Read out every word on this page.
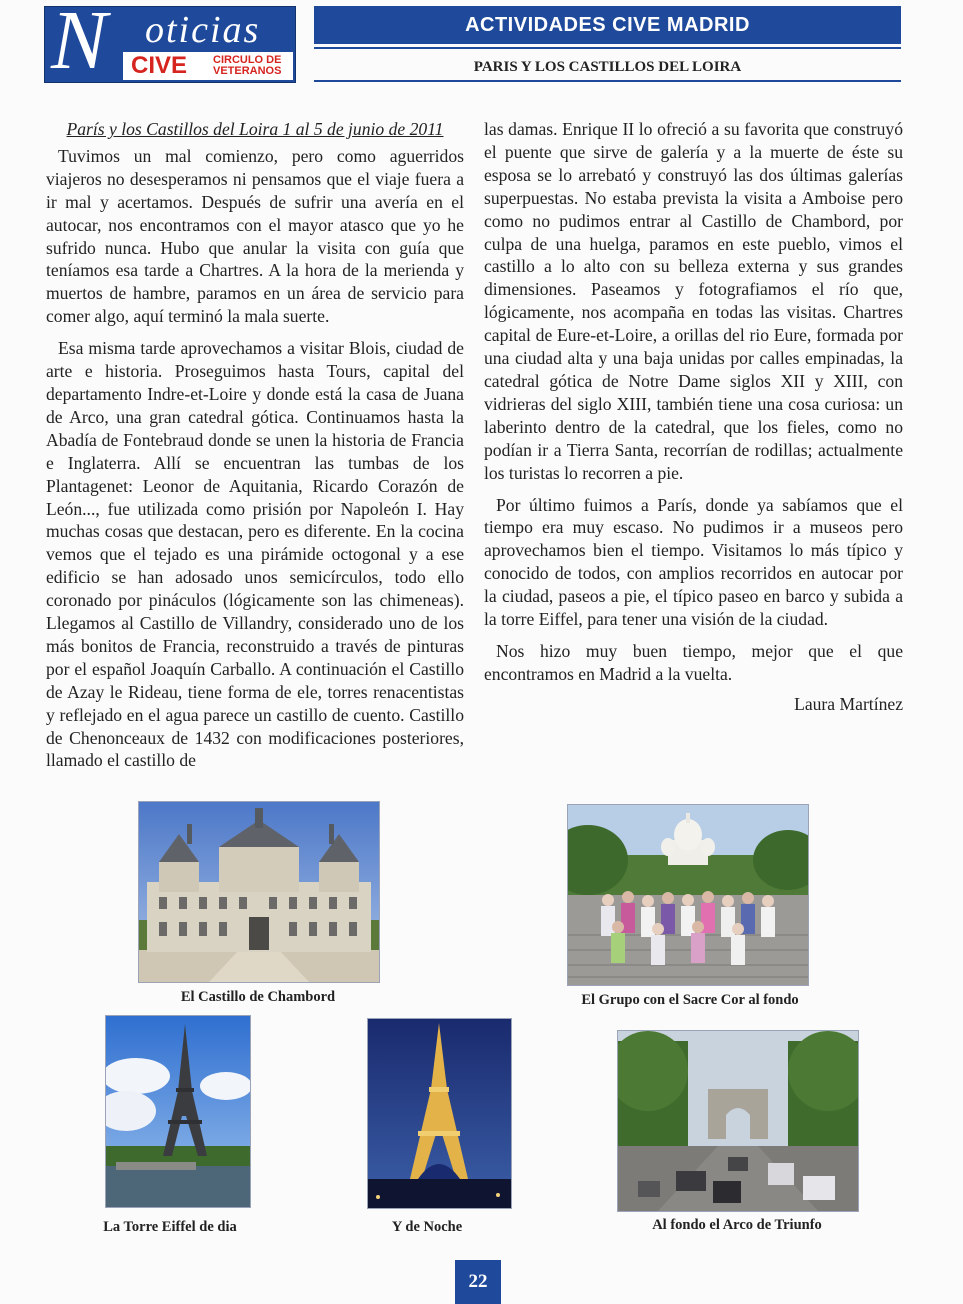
N oticias
CIVE CIRCULO DE
VETERANOS
ACTIVIDADES CIVE MADRID
PARIS Y LOS CASTILLOS DEL LOIRA
París y los Castillos del Loira 1 al 5 de junio de 2011

Tuvimos un mal comienzo, pero como aguerridos viajeros no desesperamos ni pensamos que el viaje fuera a ir mal y acertamos. Después de sufrir una avería en el autocar, nos encontramos con el mayor atasco que yo he sufrido nunca. Hubo que anular la visita con guía que teníamos esa tarde a Chartres. A la hora de la merienda y muertos de hambre, paramos en un área de servicio para comer algo, aquí terminó la mala suerte.

Esa misma tarde aprovechamos a visitar Blois, ciudad de arte e historia. Proseguimos hasta Tours, capital del departamento Indre-et-Loire y donde está la casa de Juana de Arco, una gran catedral gótica. Continuamos hasta la Abadía de Fontebraud donde se unen la historia de Francia e Inglaterra. Allí se encuentran las tumbas de los Plantagenet: Leonor de Aquitania, Ricardo Corazón de León..., fue utilizada como prisión por Napoleón I. Hay muchas cosas que destacan, pero es diferente. En la cocina vemos que el tejado es una pirámide octogonal y a ese edificio se han adosado unos semicírculos, todo ello coronado por pináculos (lógicamente son las chimeneas). Llegamos al Castillo de Villandry, considerado uno de los más bonitos de Francia, reconstruido a través de pinturas por el español Joaquín Carballo. A continuación el Castillo de Azay le Rideau, tiene forma de ele, torres renacentistas y reflejado en el agua parece un castillo de cuento. Castillo de Chenonceaux de 1432 con modificaciones posteriores, llamado el castillo de

las damas. Enrique II lo ofreció a su favorita que construyó el puente que sirve de galería y a la muerte de éste su esposa se lo arrebató y construyó las dos últimas galerías superpuestas. No estaba prevista la visita a Amboise pero como no pudimos entrar al Castillo de Chambord, por culpa de una huelga, paramos en este pueblo, vimos el castillo a lo alto con su belleza externa y sus grandes dimensiones. Paseamos y fotografiamos el río que, lógicamente, nos acompaña en todas las visitas. Chartres capital de Eure-et-Loire, a orillas del rio Eure, formada por una ciudad alta y una baja unidas por calles empinadas, la catedral gótica de Notre Dame siglos XII y XIII, con vidrieras del siglo XIII, también tiene una cosa curiosa: un laberinto dentro de la catedral, que los fieles, como no podían ir a Tierra Santa, recorrían de rodillas; actualmente los turistas lo recorren a pie.

Por último fuimos a París, donde ya sabíamos que el tiempo era muy escaso. No pudimos ir a museos pero aprovechamos bien el tiempo. Visitamos lo más típico y conocido de todos, con amplios recorridos en autocar por la ciudad, paseos a pie, el típico paseo en barco y subida a la torre Eiffel, para tener una visión de la ciudad.

Nos hizo muy buen tiempo, mejor que el que encontramos en Madrid a la vuelta.

Laura Martínez
El Castillo de Chambord	El Grupo con el Sacre Cor al fondo
La Torre Eiffel de dia	Y de Noche	Al fondo el Arco de Triunfo
22
